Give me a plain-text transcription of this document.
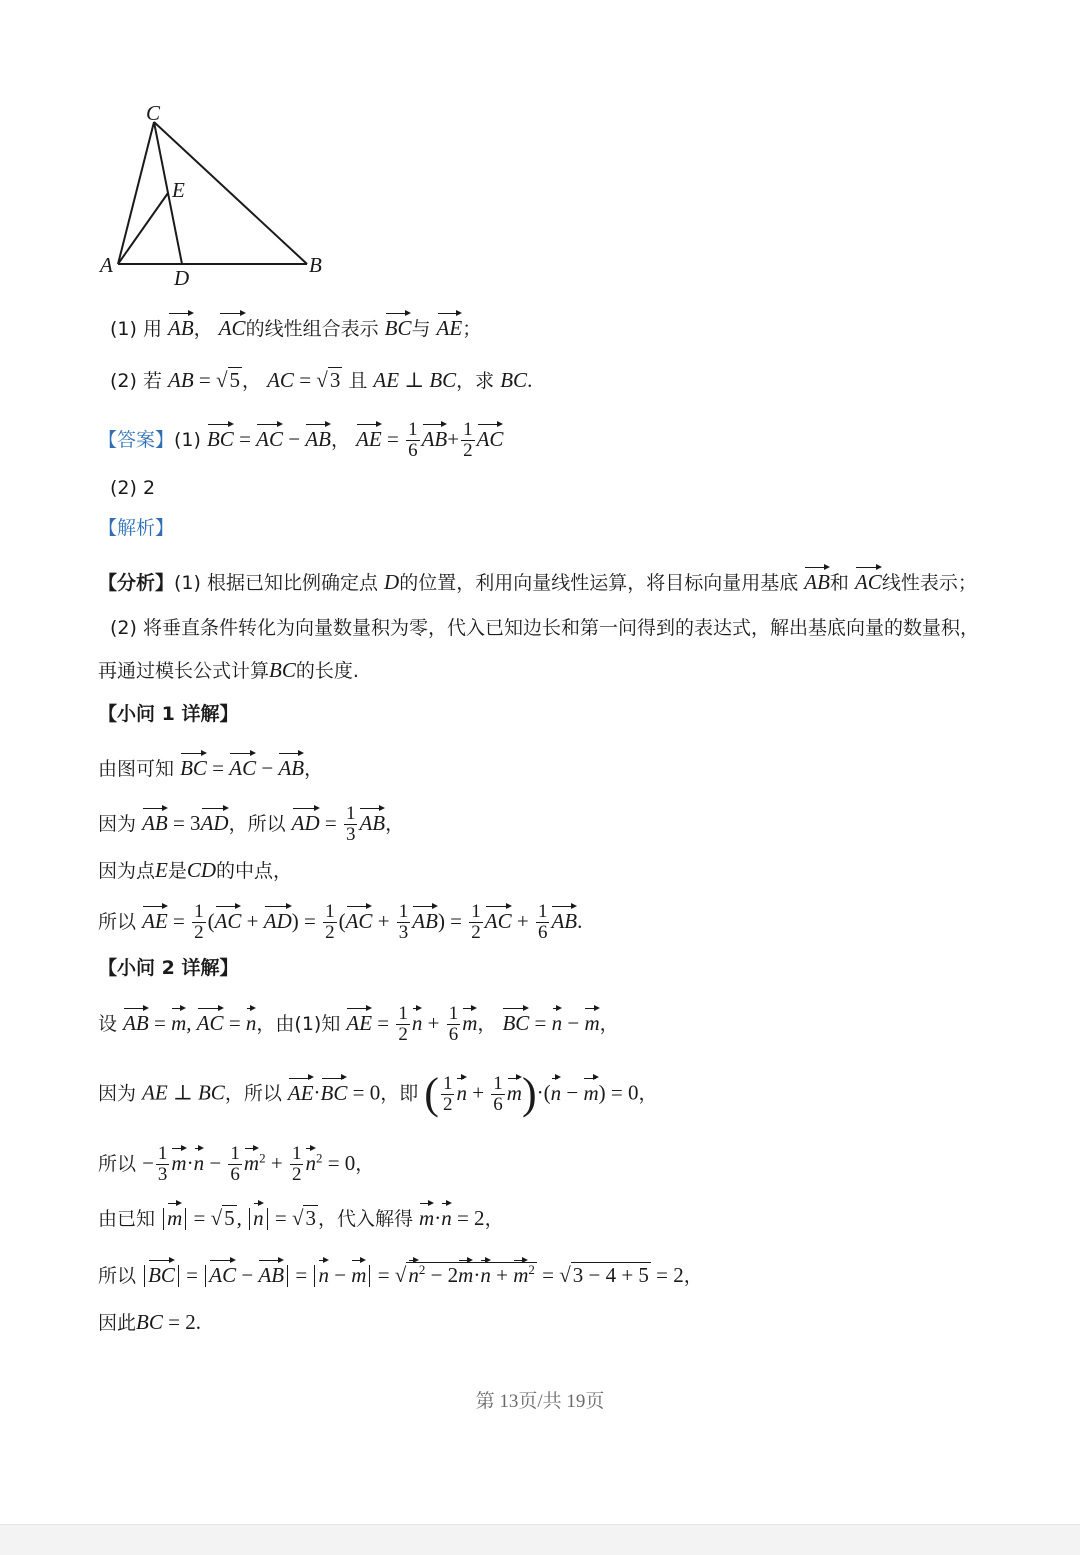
C
E
A
D
B
(1) 用 AB， AC的线性组合表示 BC与 AE；
(2) 若 AB = √5 ， AC = √3 且 AE ⊥ BC，求 BC.
【答案】(1) BC = AC − AB， AE = $\frac{1}{6} AB+ \frac{1}{2}$ AC
(2) 2
【解析】
【分析】(1) 根据已知比例确定点 D的位置，利用向量线性运算，将目标向量用基底 AB和 AC线性表示；
(2) 将垂直条件转化为向量数量积为零，代入已知边长和第一问得到的表达式，解出基底向量的数量积，
再通过模长公式计算BC的长度.
【小问 1 详解】
由图可知 BC = AC − AB，
因为 AB = 3AD，所以 AD = $\frac{1}{3}$ AB，
因为点E是CD的中点，
所以 AE = $\frac{1}{2} (AC + AD) = \frac{1}{2} (AC + \frac{1}{3} AB) = \frac{1}{2}$ AC + $\frac{1}{6}$ AB.
【小问 2 详解】
设 AB = m, AC = n，由(1)知 AE = $\frac{1}{2}$ $n + \frac{1}{6}$ m， BC = n − m，
因为 AE ⊥ BC，所以 AE·BC = 0，即 ( $\frac{1}{2}$ $n + \frac{1}{6} m)\cdot(n - m) = 0$，
所以 − $\frac{1}{3} m\cdot n - \frac{1}{6} m^2 + \frac{1}{2} n^2 = 0$，
由已知 m = √5, n = √3 ，代入解得 m·n = 2，
所以 BC = AC − AB = $n - m = √n^2 - 2m\cdot n + m^2 = √3 - 4 + 5 = 2$，
因此BC = 2.
第 13页/共 19页
